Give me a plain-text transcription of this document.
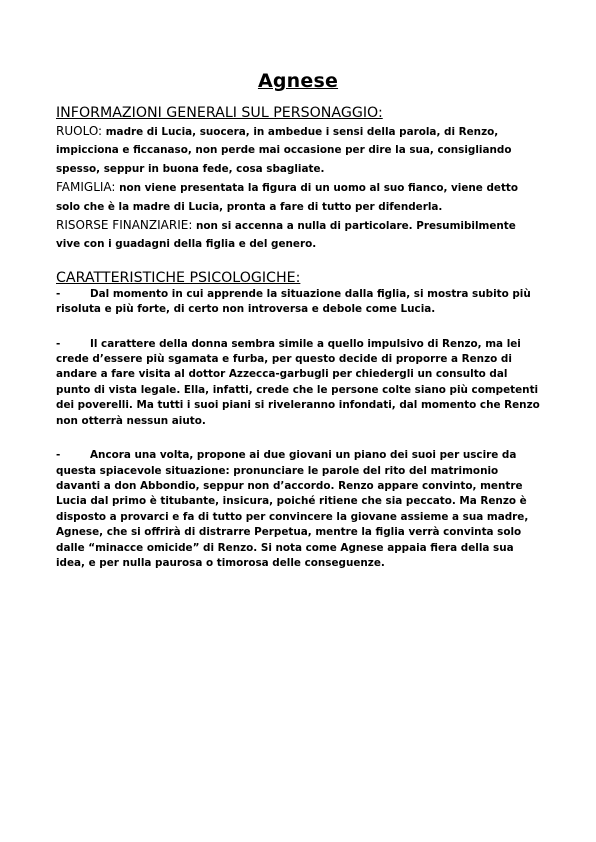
Agnese

INFORMAZIONI GENERALI SUL PERSONAGGIO:

RUOLO: madre di Lucia, suocera, in ambedue i sensi della parola, di Renzo, impicciona e ficcanaso, non perde mai occasione per dire la sua, consigliando spesso, seppur in buona fede, cosa sbagliate.

FAMIGLIA: non viene presentata la figura di un uomo al suo fianco, viene detto solo che è la madre di Lucia, pronta a fare di tutto per difenderla.

RISORSE FINANZIARIE: non si accenna a nulla di particolare. Presumibilmente vive con i guadagni della figlia e del genero.

CARATTERISTICHE PSICOLOGICHE:

-	Dal momento in cui apprende la situazione dalla figlia, si mostra subito più risoluta e più forte, di certo non introversa e debole come Lucia.

-	Il carattere della donna sembra simile a quello impulsivo di Renzo, ma lei crede d’essere più sgamata e furba, per questo decide di proporre a Renzo di andare a fare visita al dottor Azzecca-garbugli per chiedergli un consulto dal punto di vista legale. Ella, infatti, crede che le persone colte siano più competenti dei poverelli. Ma tutti i suoi piani si riveleranno infondati, dal momento che Renzo non otterrà nessun aiuto.

-	Ancora una volta, propone ai due giovani un piano dei suoi per uscire da questa spiacevole situazione: pronunciare le parole del rito del matrimonio davanti a don Abbondio, seppur non d’accordo. Renzo appare convinto, mentre Lucia dal primo è titubante, insicura, poiché ritiene che sia peccato. Ma Renzo è disposto a provarci e fa di tutto per convincere la giovane assieme a sua madre, Agnese, che si offrirà di distrarre Perpetua, mentre la figlia verrà convinta solo dalle “minacce omicide” di Renzo. Si nota come Agnese appaia fiera della sua idea, e per nulla paurosa o timorosa delle conseguenze.
